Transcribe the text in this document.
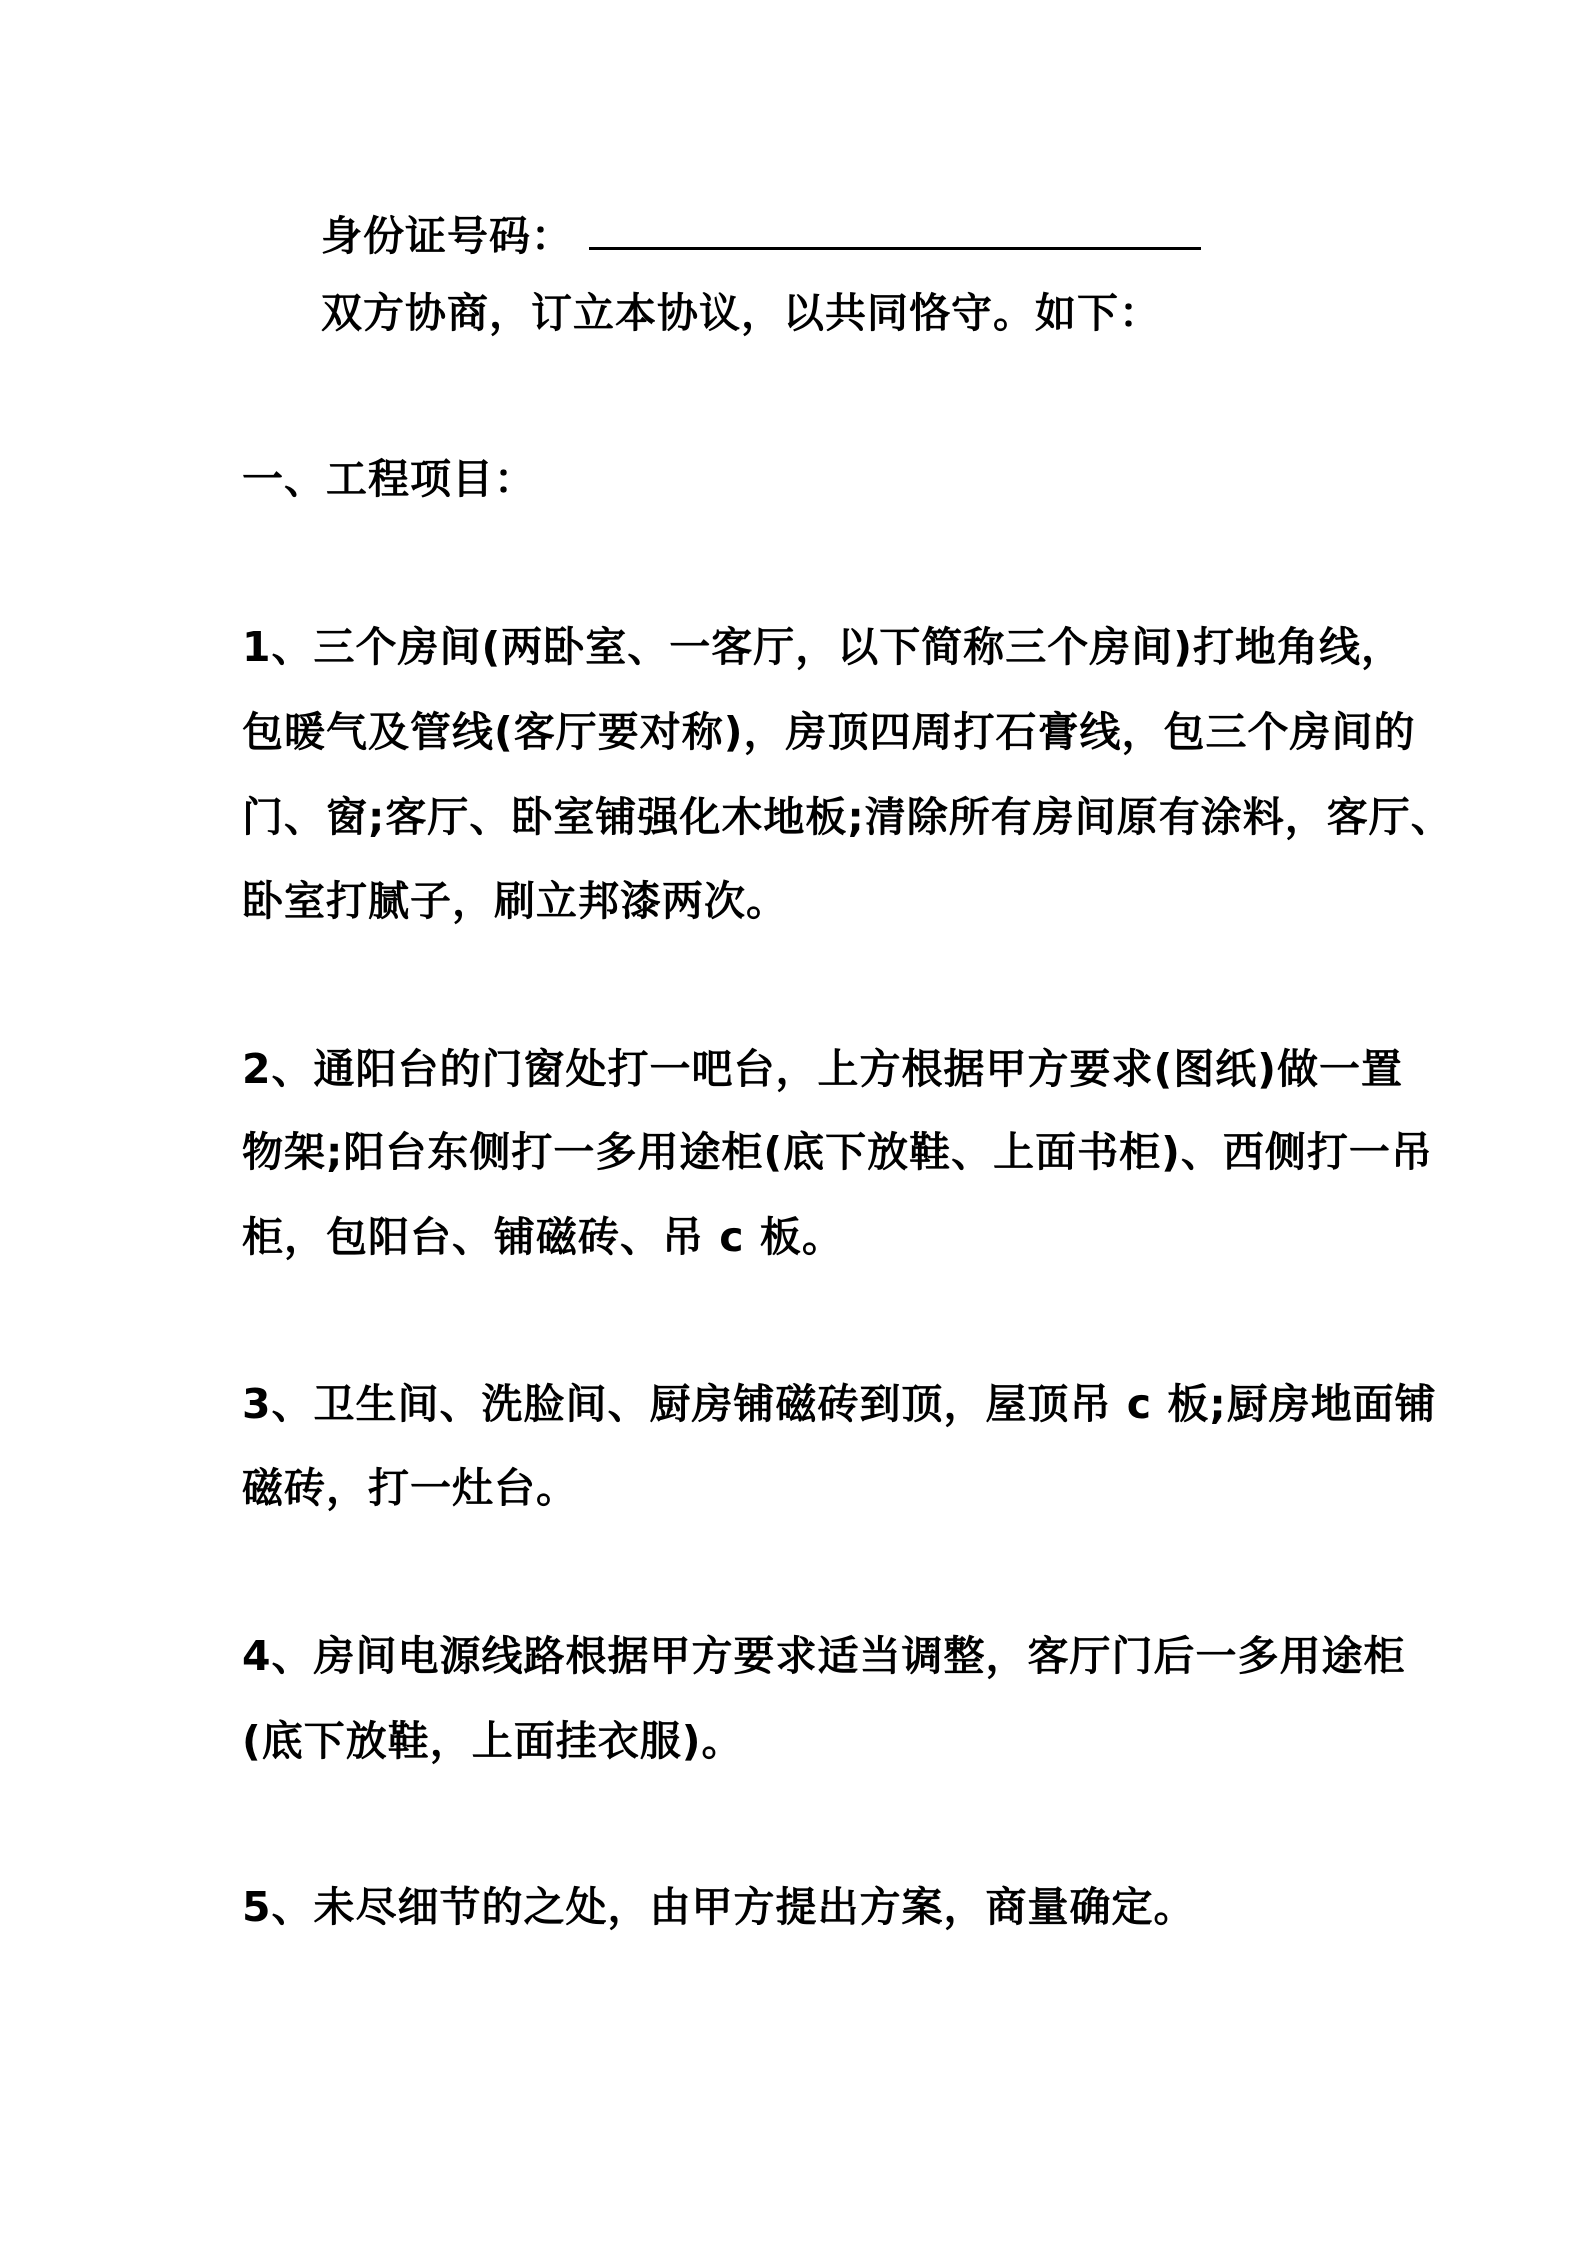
身份证号码：
双方协商，订立本协议，以共同恪守。如下：
一、工程项目：
1、三个房间(两卧室、一客厅，以下简称三个房间)打地角线，
包暖气及管线(客厅要对称)，房顶四周打石膏线，包三个房间的
门、窗;客厅、卧室铺强化木地板;清除所有房间原有涂料，客厅、
卧室打腻子，刷立邦漆两次。
2、通阳台的门窗处打一吧台，上方根据甲方要求(图纸)做一置
物架;阳台东侧打一多用途柜(底下放鞋、上面书柜)、西侧打一吊
柜，包阳台、铺磁砖、吊 c 板。
3、卫生间、洗脸间、厨房铺磁砖到顶，屋顶吊 c 板;厨房地面铺
磁砖，打一灶台。
4、房间电源线路根据甲方要求适当调整，客厅门后一多用途柜
(底下放鞋，上面挂衣服)。
5、未尽细节的之处，由甲方提出方案，商量确定。
